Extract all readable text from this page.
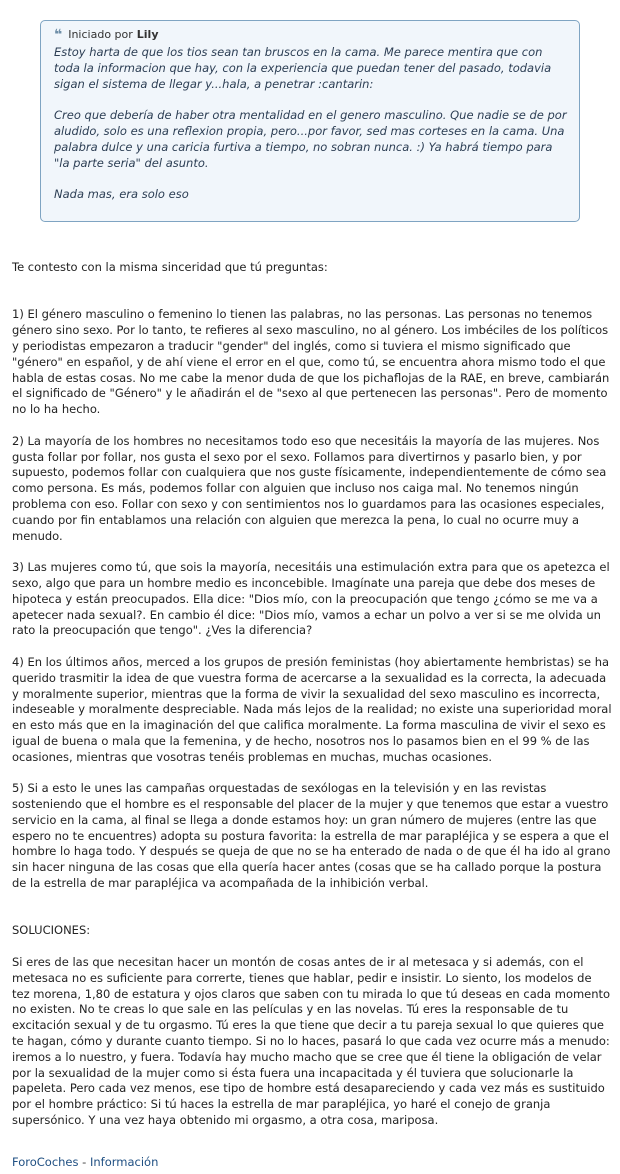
❝ Iniciado por Lily

Estoy harta de que los tios sean tan bruscos en la cama. Me parece mentira que con toda la informacion que hay, con la experiencia que puedan tener del pasado, todavia sigan el sistema de llegar y...hala, a penetrar :cantarin:

Creo que debería de haber otra mentalidad en el genero masculino. Que nadie se de por aludido, solo es una reflexion propia, pero...por favor, sed mas corteses en la cama. Una palabra dulce y una caricia furtiva a tiempo, no sobran nunca. :) Ya habrá tiempo para "la parte seria" del asunto.

Nada mas, era solo eso

Te contesto con la misma sinceridad que tú preguntas:

1) El género masculino o femenino lo tienen las palabras, no las personas. Las personas no tenemos género sino sexo. Por lo tanto, te refieres al sexo masculino, no al género. Los imbéciles de los políticos y periodistas empezaron a traducir "gender" del inglés, como si tuviera el mismo significado que "género" en español, y de ahí viene el error en el que, como tú, se encuentra ahora mismo todo el que habla de estas cosas. No me cabe la menor duda de que los pichaflojas de la RAE, en breve, cambiarán el significado de "Género" y le añadirán el de "sexo al que pertenecen las personas". Pero de momento no lo ha hecho.

2) La mayoría de los hombres no necesitamos todo eso que necesitáis la mayoría de las mujeres. Nos gusta follar por follar, nos gusta el sexo por el sexo. Follamos para divertirnos y pasarlo bien, y por supuesto, podemos follar con cualquiera que nos guste físicamente, independientemente de cómo sea como persona. Es más, podemos follar con alguien que incluso nos caiga mal. No tenemos ningún problema con eso. Follar con sexo y con sentimientos nos lo guardamos para las ocasiones especiales, cuando por fin entablamos una relación con alguien que merezca la pena, lo cual no ocurre muy a menudo.

3) Las mujeres como tú, que sois la mayoría, necesitáis una estimulación extra para que os apetezca el sexo, algo que para un hombre medio es inconcebible. Imagínate una pareja que debe dos meses de hipoteca y están preocupados. Ella dice: "Dios mío, con la preocupación que tengo ¿cómo se me va a apetecer nada sexual?. En cambio él dice: "Dios mío, vamos a echar un polvo a ver si se me olvida un rato la preocupación que tengo". ¿Ves la diferencia?

4) En los últimos años, merced a los grupos de presión feministas (hoy abiertamente hembristas) se ha querido trasmitir la idea de que vuestra forma de acercarse a la sexualidad es la correcta, la adecuada y moralmente superior, mientras que la forma de vivir la sexualidad del sexo masculino es incorrecta, indeseable y moralmente despreciable. Nada más lejos de la realidad; no existe una superioridad moral en esto más que en la imaginación del que califica moralmente. La forma masculina de vivir el sexo es igual de buena o mala que la femenina, y de hecho, nosotros nos lo pasamos bien en el 99 % de las ocasiones, mientras que vosotras tenéis problemas en muchas, muchas ocasiones.

5) Si a esto le unes las campañas orquestadas de sexólogas en la televisión y en las revistas sosteniendo que el hombre es el responsable del placer de la mujer y que tenemos que estar a vuestro servicio en la cama, al final se llega a donde estamos hoy: un gran número de mujeres (entre las que espero no te encuentres) adopta su postura favorita: la estrella de mar parapléjica y se espera a que el hombre lo haga todo. Y después se queja de que no se ha enterado de nada o de que él ha ido al grano sin hacer ninguna de las cosas que ella quería hacer antes (cosas que se ha callado porque la postura de la estrella de mar parapléjica va acompañada de la inhibición verbal.

SOLUCIONES:

Si eres de las que necesitan hacer un montón de cosas antes de ir al metesaca y si además, con el metesaca no es suficiente para correrte, tienes que hablar, pedir e insistir. Lo siento, los modelos de tez morena, 1,80 de estatura y ojos claros que saben con tu mirada lo que tú deseas en cada momento no existen. No te creas lo que sale en las películas y en las novelas. Tú eres la responsable de tu excitación sexual y de tu orgasmo. Tú eres la que tiene que decir a tu pareja sexual lo que quieres que te hagan, cómo y durante cuanto tiempo. Si no lo haces, pasará lo que cada vez ocurre más a menudo: iremos a lo nuestro, y fuera. Todavía hay mucho macho que se cree que él tiene la obligación de velar por la sexualidad de la mujer como si ésta fuera una incapacitada y él tuviera que solucionarle la papeleta. Pero cada vez menos, ese tipo de hombre está desapareciendo y cada vez más es sustituido por el hombre práctico: Si tú haces la estrella de mar parapléjica, yo haré el conejo de granja supersónico. Y una vez haya obtenido mi orgasmo, a otra cosa, mariposa.

ForoCoches - Información
